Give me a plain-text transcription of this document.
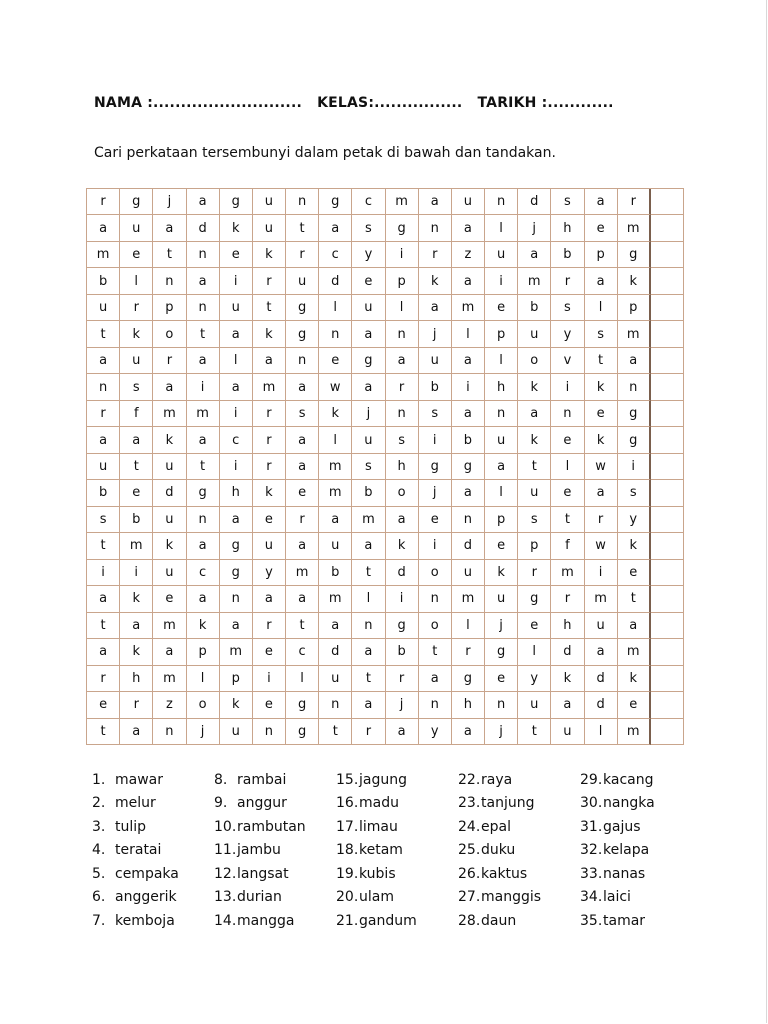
NAMA :........................... KELAS:................ TARIKH :............
Cari perkataan tersembunyi dalam petak di bawah dan tandakan.
r	g	j	a	g	u	n	g	c	m	a	u	n	d	s	a	r
a	u	a	d	k	u	t	a	s	g	n	a	l	j	h	e	m
m	e	t	n	e	k	r	c	y	i	r	z	u	a	b	p	g
b	l	n	a	i	r	u	d	e	p	k	a	i	m	r	a	k
u	r	p	n	u	t	g	l	u	l	a	m	e	b	s	l	p
t	k	o	t	a	k	g	n	a	n	j	l	p	u	y	s	m
a	u	r	a	l	a	n	e	g	a	u	a	l	o	v	t	a
n	s	a	i	a	m	a	w	a	r	b	i	h	k	i	k	n
r	f	m	m	i	r	s	k	j	n	s	a	n	a	n	e	g
a	a	k	a	c	r	a	l	u	s	i	b	u	k	e	k	g
u	t	u	t	i	r	a	m	s	h	g	g	a	t	l	w	i
b	e	d	g	h	k	e	m	b	o	j	a	l	u	e	a	s
s	b	u	n	a	e	r	a	m	a	e	n	p	s	t	r	y
t	m	k	a	g	u	a	u	a	k	i	d	e	p	f	w	k
i	i	u	c	g	y	m	b	t	d	o	u	k	r	m	i	e
a	k	e	a	n	a	a	m	l	i	n	m	u	g	r	m	t
t	a	m	k	a	r	t	a	n	g	o	l	j	e	h	u	a
a	k	a	p	m	e	c	d	a	b	t	r	g	l	d	a	m
r	h	m	l	p	i	l	u	t	r	a	g	e	y	k	d	k
e	r	z	o	k	e	g	n	a	j	n	h	n	u	a	d	e
t	a	n	j	u	n	g	t	r	a	y	a	j	t	u	l	m
1. mawar	8. rambai	15. jagung	22. raya	29. kacang
2. melur	9. anggur	16. madu	23. tanjung	30. nangka
3. tulip	10. rambutan 17. limau	24. epal	31. gajus
4. teratai	11. jambu	18. ketam	25. duku	32. kelapa
5. cempaka	12. langsat	19. kubis	26. kaktus	33. nanas
6. anggerik	13. durian	20. ulam	27. manggis	34. laici
7. kemboja	14. mangga	21. gandum	28. daun	35. tamar
